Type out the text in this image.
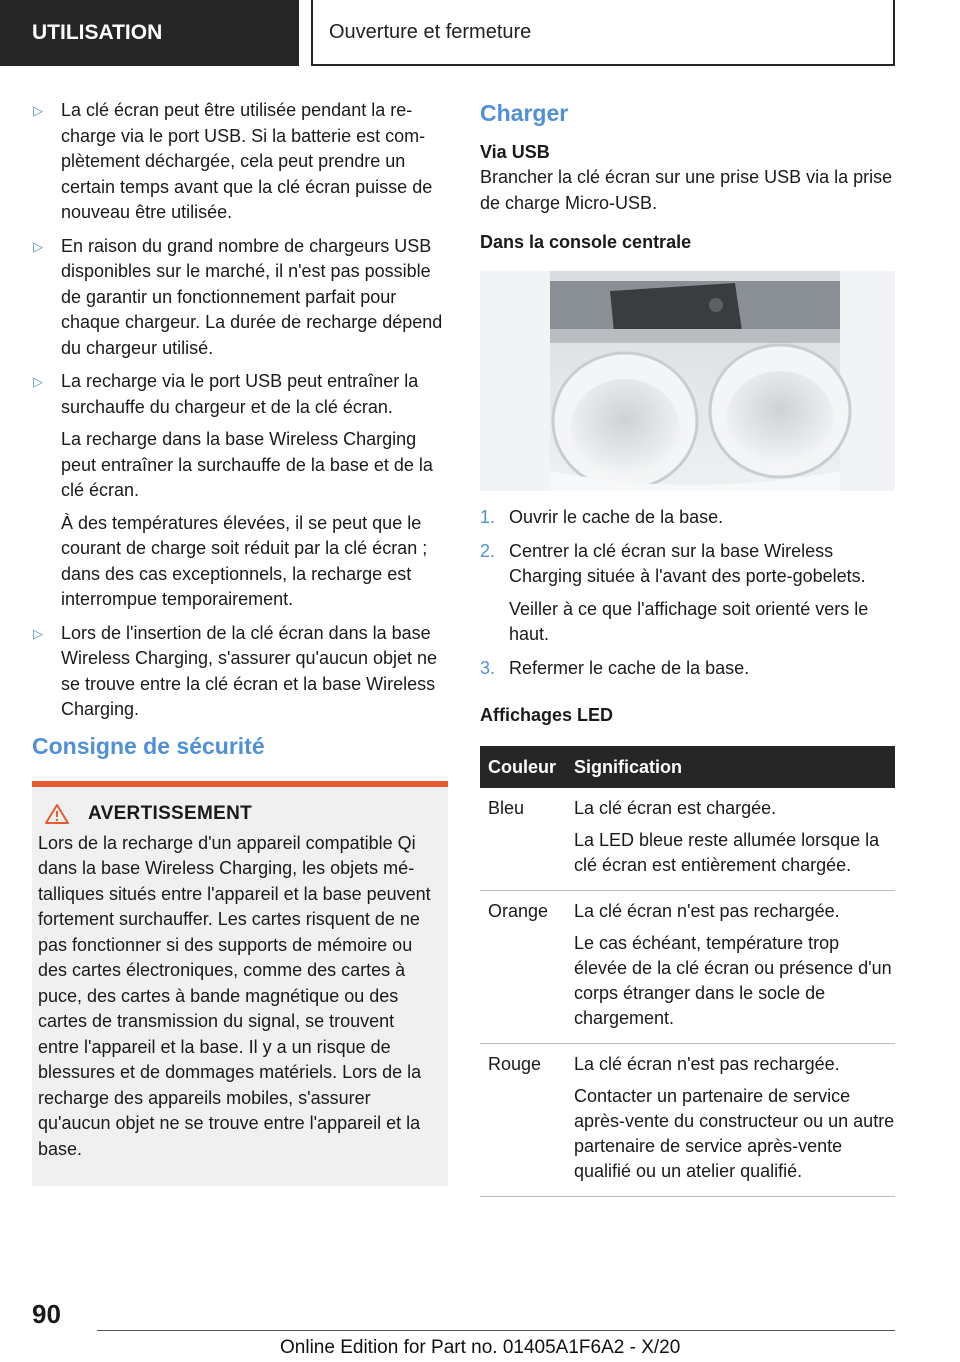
UTILISATION	Ouverture et fermeture
▷ La clé écran peut être utilisée pendant la recharge via le port USB. Si la batterie est complètement déchargée, cela peut prendre un certain temps avant que la clé écran puisse de nouveau être utilisée.

▷ En raison du grand nombre de chargeurs USB disponibles sur le marché, il n'est pas possible de garantir un fonctionnement parfait pour chaque chargeur. La durée de recharge dépend du chargeur utilisé.

▷ La recharge via le port USB peut entraîner la surchauffe du chargeur et de la clé écran.

La recharge dans la base Wireless Charging peut entraîner la surchauffe de la base et de la clé écran.

À des températures élevées, il se peut que le courant de charge soit réduit par la clé écran ; dans des cas exceptionnels, la recharge est interrompue temporairement.

▷ Lors de l'insertion de la clé écran dans la base Wireless Charging, s'assurer qu'aucun objet ne se trouve entre la clé écran et la base Wireless Charging.

Consigne de sécurité
AVERTISSEMENT

Lors de la recharge d'un appareil compatible Qi dans la base Wireless Charging, les objets métalliques situés entre l'appareil et la base peuvent fortement surchauffer. Les cartes risquent de ne pas fonctionner si des supports de mémoire ou des cartes électroniques, comme des cartes à puce, des cartes à bande magnétique ou des cartes de transmission du signal, se trouvent entre l'appareil et la base. Il y a un risque de blessures et de dommages matériels. Lors de la recharge des appareils mobiles, s'assurer qu'aucun objet ne se trouve entre l'appareil et la base.

Charger
Via USB

Brancher la clé écran sur une prise USB via la prise de charge Micro-USB.

Dans la console centrale
1. Ouvrir le cache de la base.

2. Centrer la clé écran sur la base Wireless Charging située à l'avant des porte-gobelets.

Veiller à ce que l'affichage soit orienté vers le haut.

3. Refermer le cache de la base.

Affichages LED
Couleur	Signification
Bleu	La clé écran est chargée.
La LED bleue reste allumée lorsque la clé écran est entièrement chargée.

Orange	La clé écran n'est pas rechargée.
Le cas échéant, température trop élevée de la clé écran ou présence d'un corps étranger dans le socle de chargement.

Rouge	La clé écran n'est pas rechargée.
Contacter un partenaire de service après-vente du constructeur ou un autre partenaire de service après-vente qualifié ou un atelier qualifié.
90
Online Edition for Part no. 01405A1F6A2 - X/20
